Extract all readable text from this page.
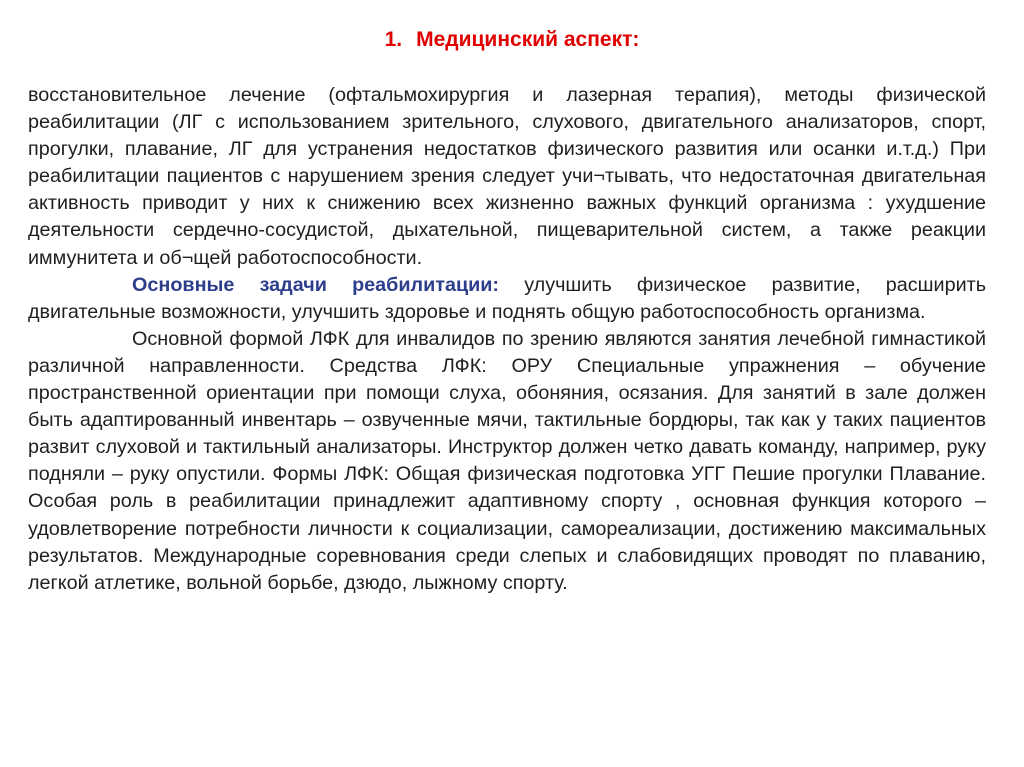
1. Медицинский аспект:

восстановительное лечение (офтальмохирургия и лазерная терапия), методы физической реабилитации (ЛГ с использованием зрительного, слухового, двигательного анализаторов, спорт, прогулки, плавание, ЛГ для устранения недостатков физического развития или осанки и.т.д.) При реабилитации пациентов с нарушением зрения следует учи¬тывать, что недостаточная двигательная активность приводит у них к снижению всех жизненно важных функций организма : ухудшение деятельности сердечно-сосудистой, дыхательной, пищеварительной систем, а также реакции иммунитета и об¬щей работоспособности.

Основные задачи реабилитации: улучшить физическое развитие, расширить двигательные возможности, улучшить здоровье и поднять общую работоспособность организма.

Основной формой ЛФК для инвалидов по зрению являются занятия лечебной гимнастикой различной направленности. Средства ЛФК: ОРУ Специальные упражнения – обучение пространственной ориентации при помощи слуха, обоняния, осязания. Для занятий в зале должен быть адаптированный инвентарь – озвученные мячи, тактильные бордюры, так как у таких пациентов развит слуховой и тактильный анализаторы. Инструктор должен четко давать команду, например, руку подняли – руку опустили. Формы ЛФК: Общая физическая подготовка УГГ Пешие прогулки Плавание. Особая роль в реабилитации принадлежит адаптивному спорту , основная функция которого – удовлетворение потребности личности к социализации, самореализации, достижению максимальных результатов. Международные соревнования среди слепых и слабовидящих проводят по плаванию, легкой атлетике, вольной борьбе, дзюдо, лыжному спорту.
